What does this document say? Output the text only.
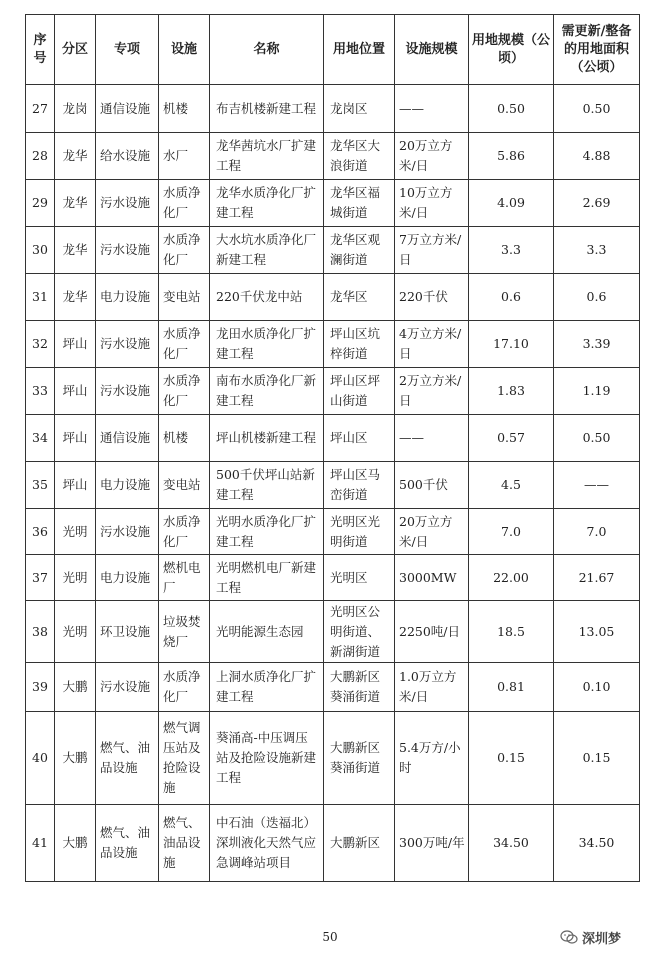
序号	分区	专项	设施	名称	用地位置	设施规模	用地规模（公顷）	需更新/整备的用地面积（公顷）
27	龙岗	通信设施	机楼	布吉机楼新建工程	龙岗区	——	0.50	0.50
28	龙华	给水设施	水厂	龙华茜坑水厂扩建工程	龙华区大浪街道	20万立方米/日	5.86	4.88
29	龙华	污水设施	水质净化厂	龙华水质净化厂扩建工程	龙华区福城街道	10万立方米/日	4.09	2.69
30	龙华	污水设施	水质净化厂	大水坑水质净化厂新建工程	龙华区观澜街道	7万立方米/日	3.3	3.3
31	龙华	电力设施	变电站	220千伏龙中站	龙华区	220千伏	0.6	0.6
32	坪山	污水设施	水质净化厂	龙田水质净化厂扩建工程	坪山区坑梓街道	4万立方米/日	17.10	3.39
33	坪山	污水设施	水质净化厂	南布水质净化厂新建工程	坪山区坪山街道	2万立方米/日	1.83	1.19
34	坪山	通信设施	机楼	坪山机楼新建工程	坪山区	——	0.57	0.50
35	坪山	电力设施	变电站	500千伏坪山站新建工程	坪山区马峦街道	500千伏	4.5	——
36	光明	污水设施	水质净化厂	光明水质净化厂扩建工程	光明区光明街道	20万立方米/日	7.0	7.0
37	光明	电力设施	燃机电厂	光明燃机电厂新建工程	光明区	3000MW	22.00	21.67
38	光明	环卫设施	垃圾焚烧厂	光明能源生态园	光明区公明街道、新湖街道	2250吨/日	18.5	13.05
39	大鹏	污水设施	水质净化厂	上洞水质净化厂扩建工程	大鹏新区葵涌街道	1.0万立方米/日	0.81	0.10
40	大鹏	燃气、油品设施	燃气调压站及抢险设施	葵涌高-中压调压站及抢险设施新建工程	大鹏新区葵涌街道	5.4万方/小时	0.15	0.15
41	大鹏	燃气、油品设施	燃气、油品设施	中石油（迭福北）深圳液化天然气应急调峰站项目	大鹏新区	300万吨/年	34.50	34.50
50	深圳梦
